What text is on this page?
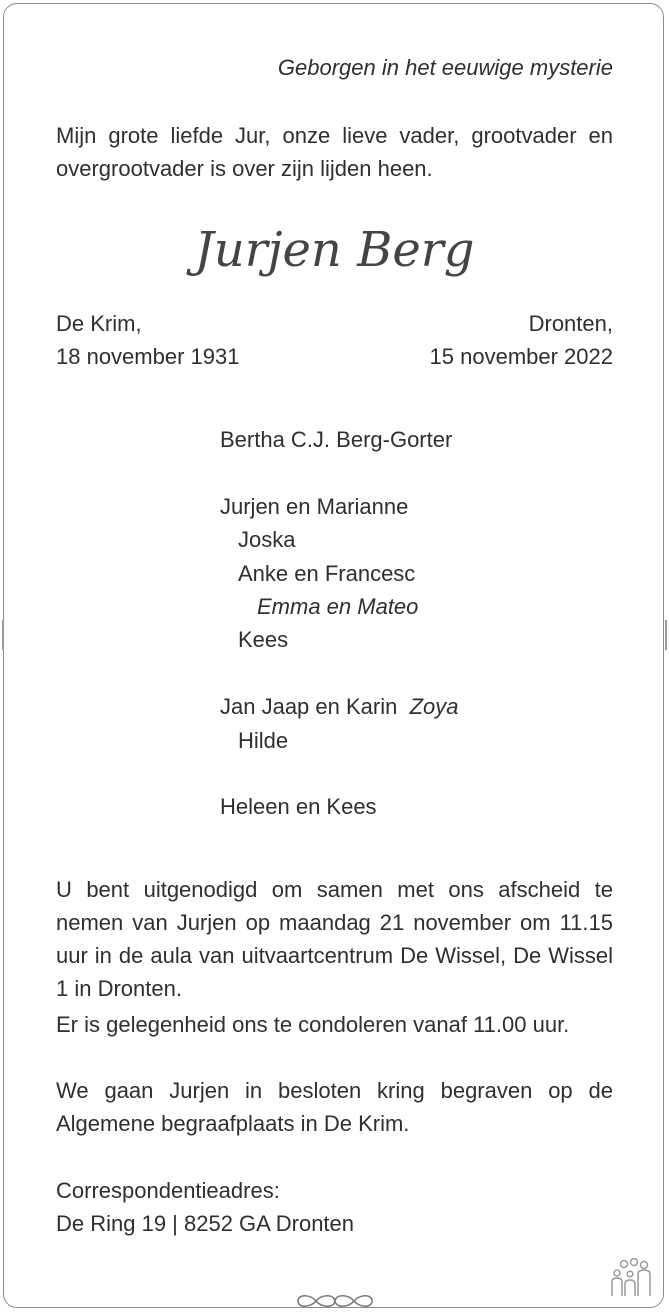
Geborgen in het eeuwige mysterie
Mijn grote liefde Jur, onze lieve vader, grootvader en overgrootvader is over zijn lijden heen.
Jurjen Berg
De Krim,
18 november 1931
Dronten,
15 november 2022
Bertha C.J. Berg-Gorter
Jurjen en Marianne
Joska
Anke en Francesc
Emma en Mateo
Kees
Jan Jaap en Karin Zoya
Hilde
Heleen en Kees
U bent uitgenodigd om samen met ons afscheid te nemen van Jurjen op maandag 21 november om 11.15 uur in de aula van uitvaartcentrum De Wissel, De Wissel 1 in Dronten.
Er is gelegenheid ons te condoleren vanaf 11.00 uur.
We gaan Jurjen in besloten kring begraven op de Algemene begraafplaats in De Krim.
Correspondentieadres:
De Ring 19 | 8252 GA Dronten
